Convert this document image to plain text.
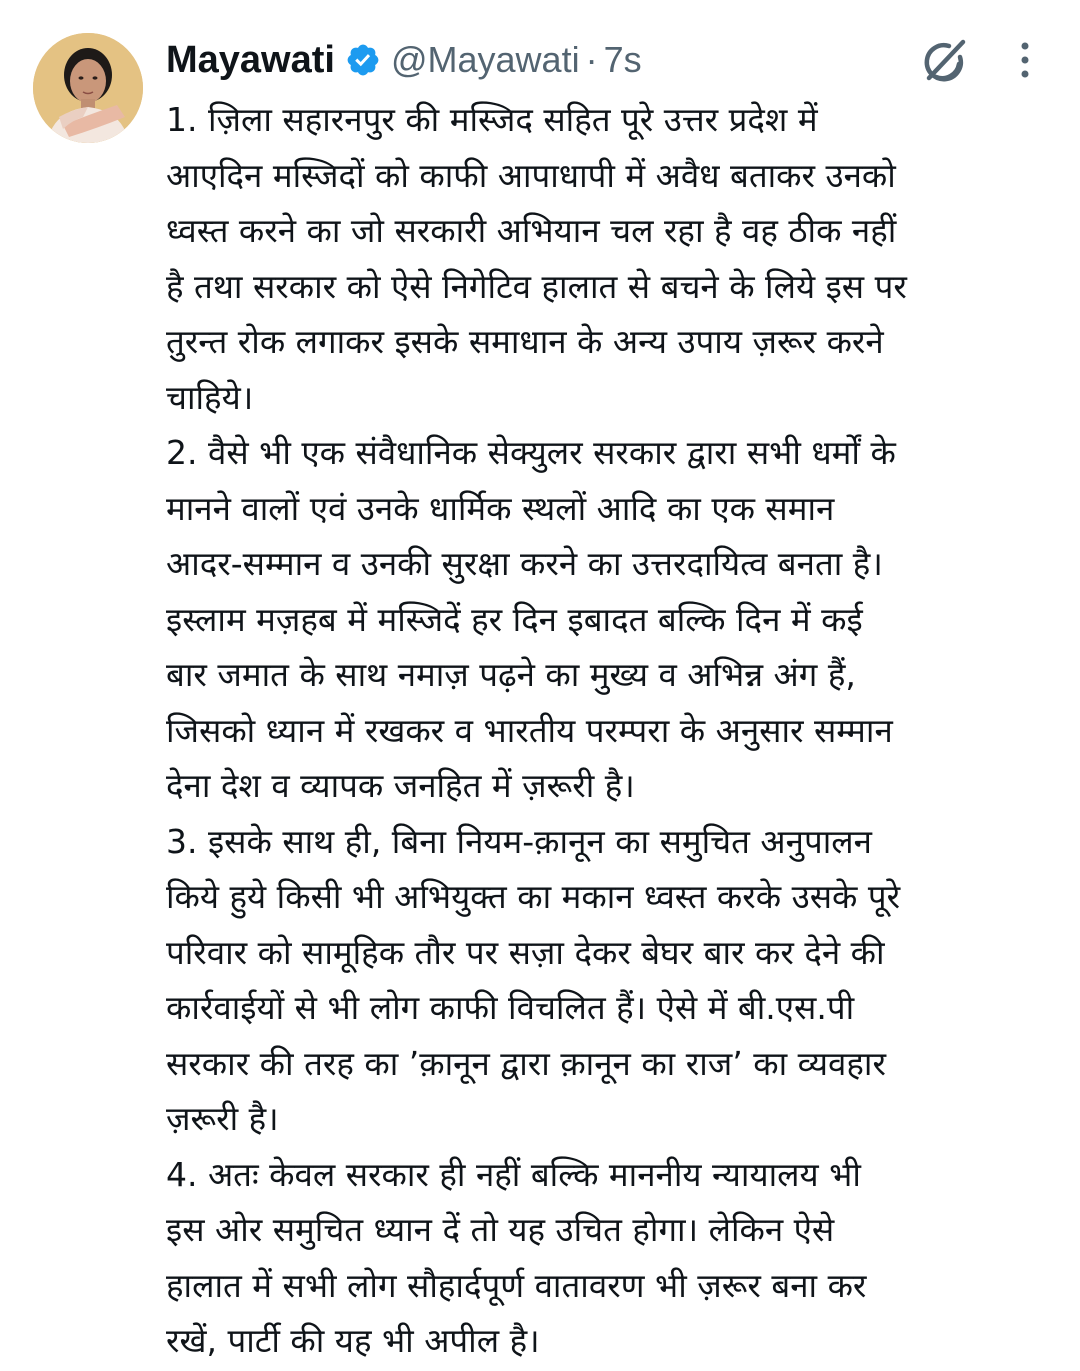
Mayawati @Mayawati · 7s
1. ज़िला सहारनपुर की मस्जिद सहित पूरे उत्तर प्रदेश में
आएदिन मस्जिदों को काफी आपाधापी में अवैध बताकर उनको
ध्वस्त करने का जो सरकारी अभियान चल रहा है वह ठीक नहीं
है तथा सरकार को ऐसे निगेटिव हालात से बचने के लिये इस पर
तुरन्त रोक लगाकर इसके समाधान के अन्य उपाय ज़रूर करने
चाहिये।
2. वैसे भी एक संवैधानिक सेक्युलर सरकार द्वारा सभी धर्मों के
मानने वालों एवं उनके धार्मिक स्थलों आदि का एक समान
आदर-सम्मान व उनकी सुरक्षा करने का उत्तरदायित्व बनता है।
इस्लाम मज़हब में मस्जिदें हर दिन इबादत बल्कि दिन में कई
बार जमात के साथ नमाज़ पढ़ने का मुख्य व अभिन्न अंग हैं,
जिसको ध्यान में रखकर व भारतीय परम्परा के अनुसार सम्मान
देना देश व व्यापक जनहित में ज़रूरी है।
3. इसके साथ ही, बिना नियम-क़ानून का समुचित अनुपालन
किये हुये किसी भी अभियुक्त का मकान ध्वस्त करके उसके पूरे
परिवार को सामूहिक तौर पर सज़ा देकर बेघर बार कर देने की
कार्रवाईयों से भी लोग काफी विचलित हैं। ऐसे में बी.एस.पी
सरकार की तरह का ’क़ानून द्वारा क़ानून का राज’ का व्यवहार
ज़रूरी है।
4. अतः केवल सरकार ही नहीं बल्कि माननीय न्यायालय भी
इस ओर समुचित ध्यान दें तो यह उचित होगा। लेकिन ऐसे
हालात में सभी लोग सौहार्दपूर्ण वातावरण भी ज़रूर बना कर
रखें, पार्टी की यह भी अपील है।
